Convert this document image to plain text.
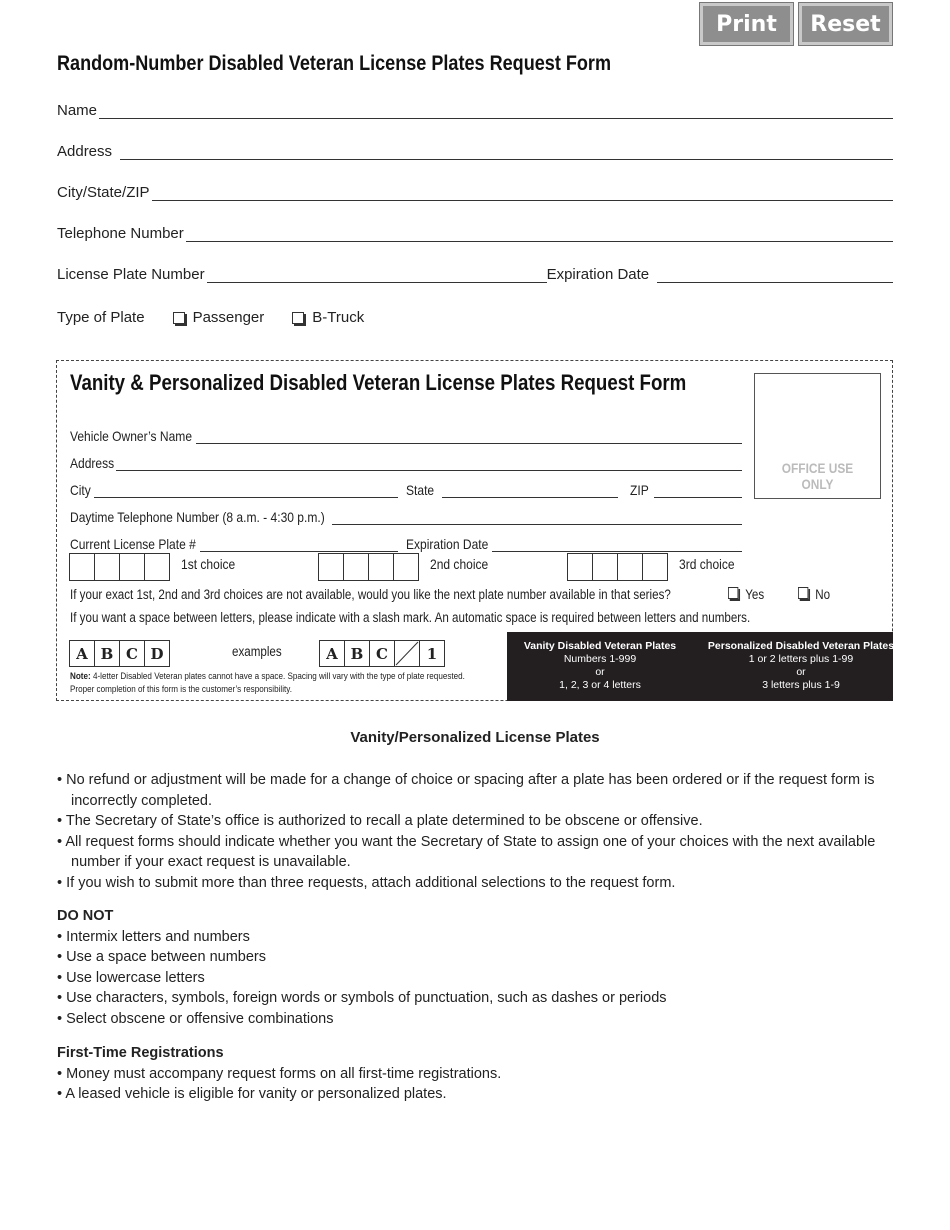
Print	Reset
Random-Number Disabled Veteran License Plates Request Form
Name
Address
City/State/ZIP
Telephone Number
License Plate Number	Expiration Date
Type of Plate	Passenger	B-Truck
Vanity & Personalized Disabled Veteran License Plates Request Form
OFFICE USE ONLY
Vehicle Owner’s Name
Address
City	State	ZIP
Daytime Telephone Number (8 a.m. - 4:30 p.m.)
Current License Plate #	Expiration Date
1st choice	2nd choice	3rd choice
If your exact 1st, 2nd and 3rd choices are not available, would you like the next plate number available in that series?	Yes	No
If you want a space between letters, please indicate with a slash mark. An automatic space is required between letters and numbers.
A B C D	examples	A B C	1
Note: 4-letter Disabled Veteran plates cannot have a space. Spacing will vary with the type of plate requested.
Proper completion of this form is the customer’s responsibility.
Vanity Disabled Veteran Plates
Numbers 1-999
or
1, 2, 3 or 4 letters
Personalized Disabled Veteran Plates
1 or 2 letters plus 1-99
or
3 letters plus 1-9
Vanity/Personalized License Plates
• No refund or adjustment will be made for a change of choice or spacing after a plate has been ordered or if the request form is incorrectly completed.
• The Secretary of State’s office is authorized to recall a plate determined to be obscene or offensive.
• All request forms should indicate whether you want the Secretary of State to assign one of your choices with the next available number if your exact request is unavailable.
• If you wish to submit more than three requests, attach additional selections to the request form.
DO NOT
• Intermix letters and numbers
• Use a space between numbers
• Use lowercase letters
• Use characters, symbols, foreign words or symbols of punctuation, such as dashes or periods
• Select obscene or offensive combinations
First-Time Registrations
• Money must accompany request forms on all first-time registrations.
• A leased vehicle is eligible for vanity or personalized plates.
